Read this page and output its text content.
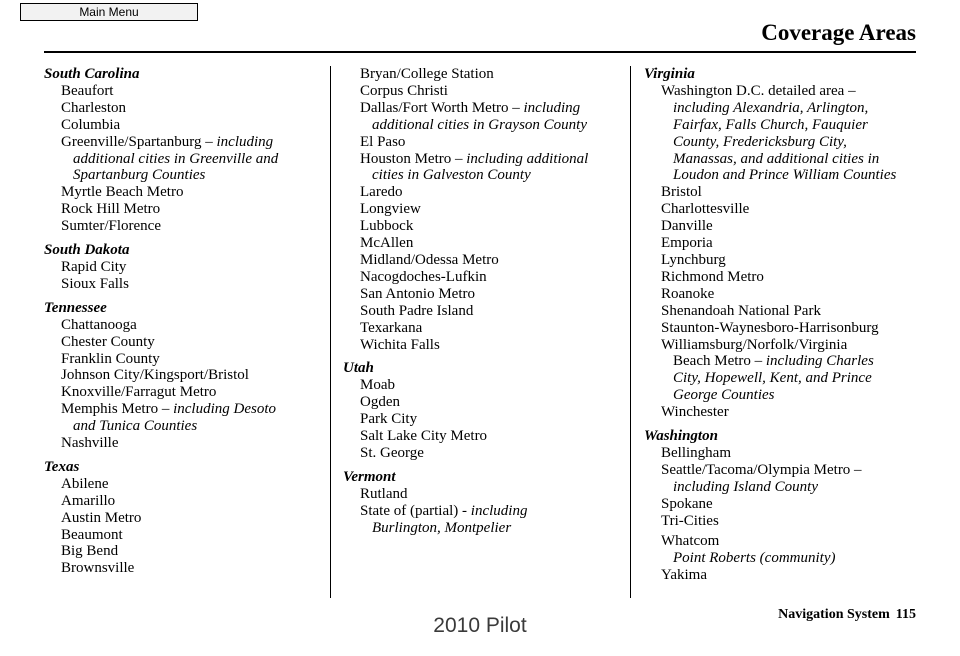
Main Menu
Coverage Areas
South Carolina
Beaufort
Charleston
Columbia
Greenville/Spartanburg – including
additional cities in Greenville and
Spartanburg Counties
Myrtle Beach Metro
Rock Hill Metro
Sumter/Florence
South Dakota
Rapid City
Sioux Falls
Tennessee
Chattanooga
Chester County
Franklin County
Johnson City/Kingsport/Bristol
Knoxville/Farragut Metro
Memphis Metro – including Desoto
and Tunica Counties
Nashville
Texas
Abilene
Amarillo
Austin Metro
Beaumont
Big Bend
Brownsville
Bryan/College Station
Corpus Christi
Dallas/Fort Worth Metro – including
additional cities in Grayson County
El Paso
Houston Metro – including additional
cities in Galveston County
Laredo
Longview
Lubbock
McAllen
Midland/Odessa Metro
Nacogdoches-Lufkin
San Antonio Metro
South Padre Island
Texarkana
Wichita Falls
Utah
Moab
Ogden
Park City
Salt Lake City Metro
St. George
Vermont
Rutland
State of (partial) - including
Burlington, Montpelier
Virginia
Washington D.C. detailed area –
including Alexandria, Arlington,
Fairfax, Falls Church, Fauquier
County, Fredericksburg City,
Manassas, and additional cities in
Loudon and Prince William Counties
Bristol
Charlottesville
Danville
Emporia
Lynchburg
Richmond Metro
Roanoke
Shenandoah National Park
Staunton-Waynesboro-Harrisonburg
Williamsburg/Norfolk/Virginia
Beach Metro – including Charles
City, Hopewell, Kent, and Prince
George Counties
Winchester
Washington
Bellingham
Seattle/Tacoma/Olympia Metro –
including Island County
Spokane
Tri-Cities
Whatcom
Point Roberts (community)
Yakima
Navigation System 115
2010 Pilot
